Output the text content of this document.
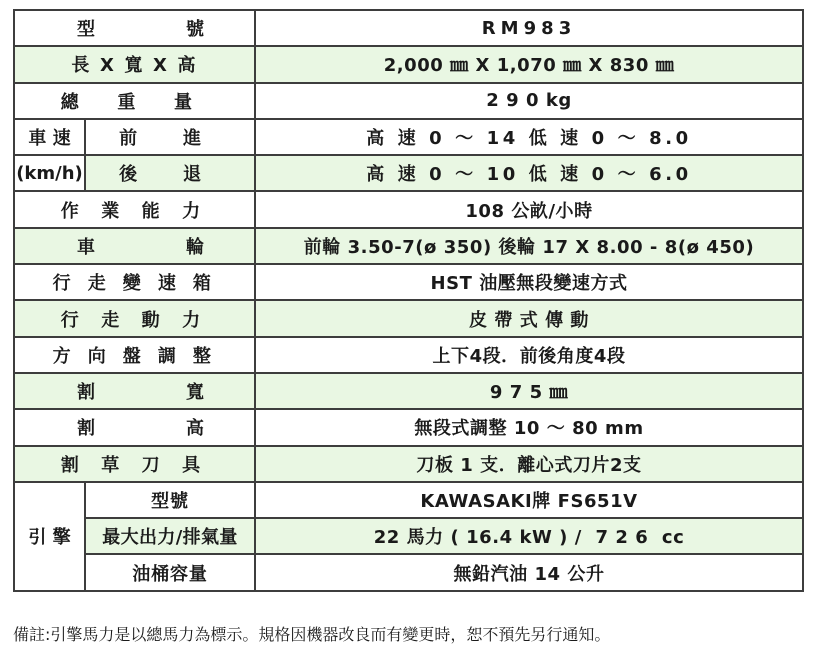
型 號		RM983
長 X 寬 X 高		2,000 ㎜ X 1,070 ㎜ X 830 ㎜
總 重 量		2 9 0 kg
車 速	前 進	高 速 0 ～ 14 低 速 0 ～ 8.0
(km/h)	後 退	高 速 0 ～ 10 低 速 0 ～ 6.0
作 業 能 力		108 公畝/小時

車 輪		前輪 3.50-7(ø 350) 後輪 17 X 8.00 - 8(ø 450)
行 走 變 速 箱		HST 油壓無段變速方式
行 走 動 力		皮 帶 式 傳 動
方 向 盤 調 整		上下4段．前後角度4段

割 寬		9 7 5 ㎜

割 高		無段式調整 10 ～ 80 mm
割 草 刀 具		刀板 1 支．離心式刀片2支
引 擎	型號	KAWASAKI牌 FS651V
	最大出力/排氣量	22 馬力 ( 16.4 kW ) /  7 2 6  cc
	油桶容量	無鉛汽油 14 公升
備註:引擎馬力是以總馬力為標示。規格因機器改良而有變更時，恕不預先另行通知。
